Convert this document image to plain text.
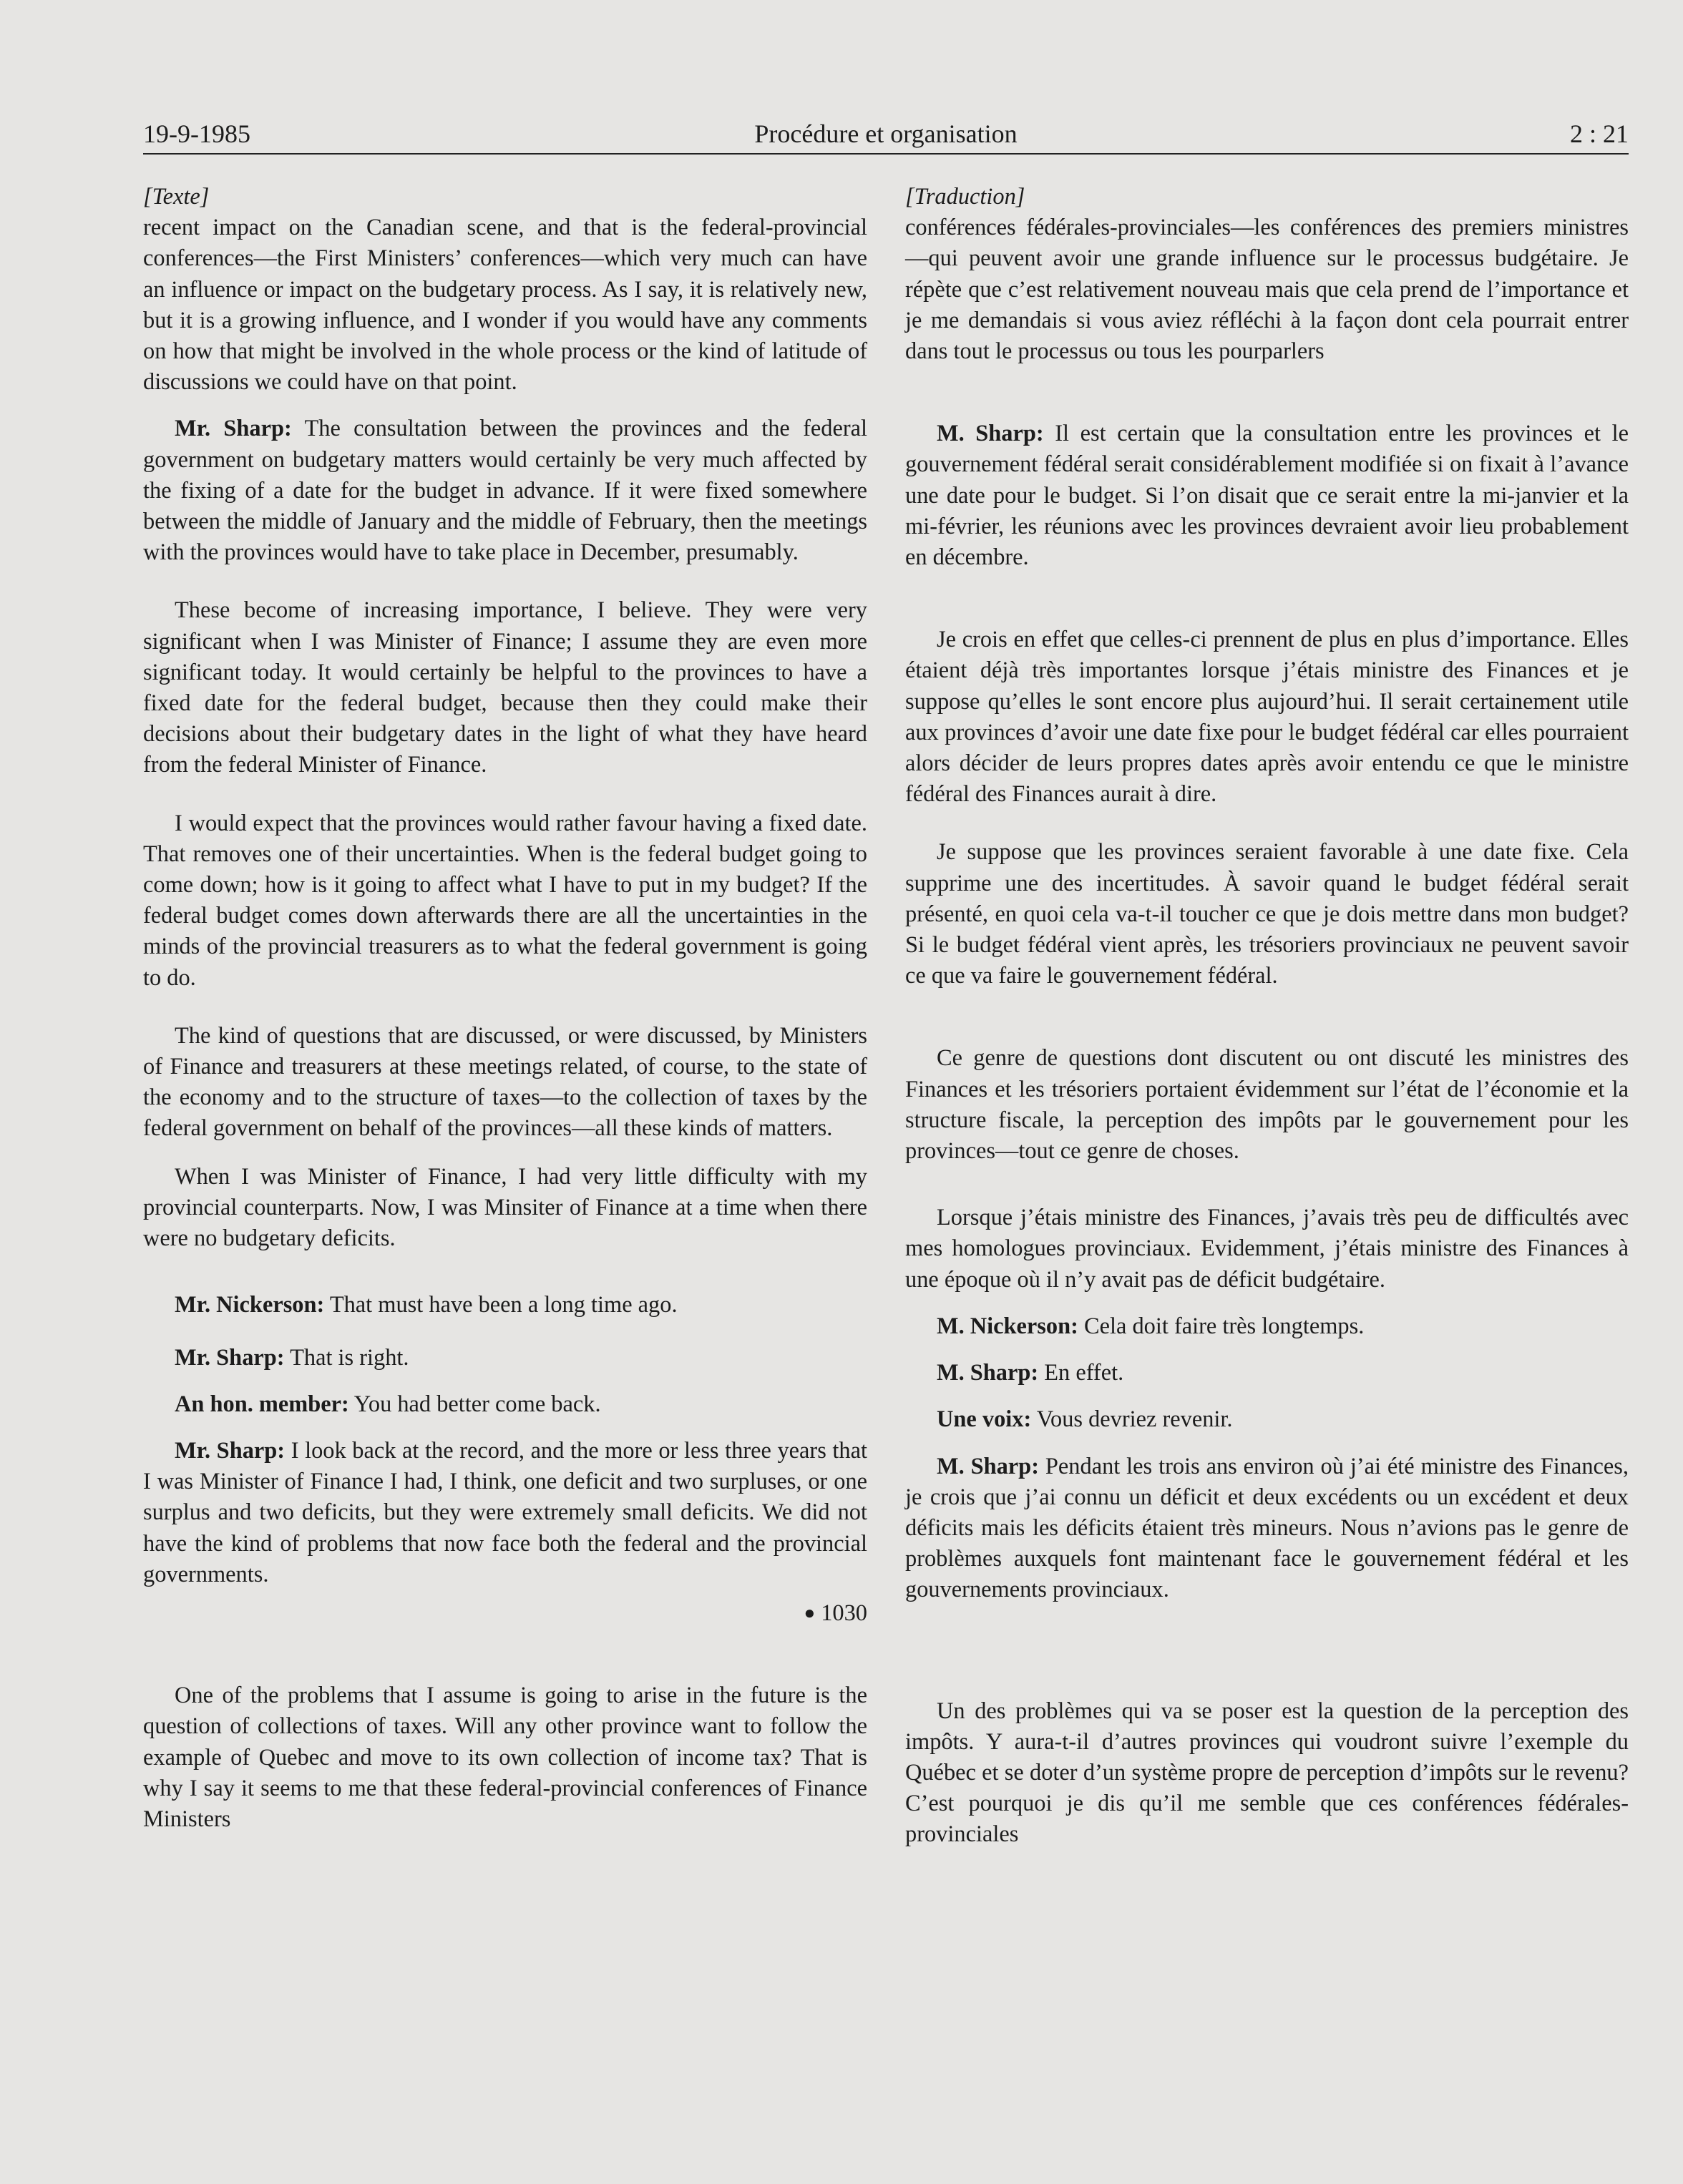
19-9-1985	Procédure et organisation	2 : 21

[Texte]

recent impact on the Canadian scene, and that is the federal-provincial conferences—the First Ministers’ conferences—which very much can have an influence or impact on the budgetary process. As I say, it is relatively new, but it is a growing influence, and I wonder if you would have any comments on how that might be involved in the whole process or the kind of latitude of discussions we could have on that point.

Mr. Sharp: The consultation between the provinces and the federal government on budgetary matters would certainly be very much affected by the fixing of a date for the budget in advance. If it were fixed somewhere between the middle of January and the middle of February, then the meetings with the provinces would have to take place in December, presumably.

These become of increasing importance, I believe. They were very significant when I was Minister of Finance; I assume they are even more significant today. It would certainly be helpful to the provinces to have a fixed date for the federal budget, because then they could make their decisions about their budgetary dates in the light of what they have heard from the federal Minister of Finance.

I would expect that the provinces would rather favour having a fixed date. That removes one of their uncertainties. When is the federal budget going to come down; how is it going to affect what I have to put in my budget? If the federal budget comes down afterwards there are all the uncertainties in the minds of the provincial treasurers as to what the federal government is going to do.

The kind of questions that are discussed, or were discussed, by Ministers of Finance and treasurers at these meetings related, of course, to the state of the economy and to the structure of taxes—to the collection of taxes by the federal government on behalf of the provinces—all these kinds of matters.

When I was Minister of Finance, I had very little difficulty with my provincial counterparts. Now, I was Minsiter of Finance at a time when there were no budgetary deficits.

Mr. Nickerson: That must have been a long time ago.

Mr. Sharp: That is right.

An hon. member: You had better come back.

Mr. Sharp: I look back at the record, and the more or less three years that I was Minister of Finance I had, I think, one deficit and two surpluses, or one surplus and two deficits, but they were extremely small deficits. We did not have the kind of problems that now face both the federal and the provincial governments.

● 1030

One of the problems that I assume is going to arise in the future is the question of collections of taxes. Will any other province want to follow the example of Quebec and move to its own collection of income tax? That is why I say it seems to me that these federal-provincial conferences of Finance Ministers

[Traduction]

conférences fédérales-provinciales—les conférences des premiers ministres—qui peuvent avoir une grande influence sur le processus budgétaire. Je répète que c’est relativement nouveau mais que cela prend de l’importance et je me demandais si vous aviez réfléchi à la façon dont cela pourrait entrer dans tout le processus ou tous les pourparlers

M. Sharp: Il est certain que la consultation entre les provinces et le gouvernement fédéral serait considérablement modifiée si on fixait à l’avance une date pour le budget. Si l’on disait que ce serait entre la mi-janvier et la mi-février, les réunions avec les provinces devraient avoir lieu probablement en décembre.

Je crois en effet que celles-ci prennent de plus en plus d’importance. Elles étaient déjà très importantes lorsque j’étais ministre des Finances et je suppose qu’elles le sont encore plus aujourd’hui. Il serait certainement utile aux provinces d’avoir une date fixe pour le budget fédéral car elles pourraient alors décider de leurs propres dates après avoir entendu ce que le ministre fédéral des Finances aurait à dire.

Je suppose que les provinces seraient favorable à une date fixe. Cela supprime une des incertitudes. À savoir quand le budget fédéral serait présenté, en quoi cela va-t-il toucher ce que je dois mettre dans mon budget? Si le budget fédéral vient après, les trésoriers provinciaux ne peuvent savoir ce que va faire le gouvernement fédéral.

Ce genre de questions dont discutent ou ont discuté les ministres des Finances et les trésoriers portaient évidemment sur l’état de l’économie et la structure fiscale, la perception des impôts par le gouvernement pour les provinces—tout ce genre de choses.

Lorsque j’étais ministre des Finances, j’avais très peu de difficultés avec mes homologues provinciaux. Evidemment, j’étais ministre des Finances à une époque où il n’y avait pas de déficit budgétaire.

M. Nickerson: Cela doit faire très longtemps.

M. Sharp: En effet.

Une voix: Vous devriez revenir.

M. Sharp: Pendant les trois ans environ où j’ai été ministre des Finances, je crois que j’ai connu un déficit et deux excédents ou un excédent et deux déficits mais les déficits étaient très mineurs. Nous n’avions pas le genre de problèmes auxquels font maintenant face le gouvernement fédéral et les gouvernements provinciaux.

Un des problèmes qui va se poser est la question de la perception des impôts. Y aura-t-il d’autres provinces qui voudront suivre l’exemple du Québec et se doter d’un système propre de perception d’impôts sur le revenu? C’est pourquoi je dis qu’il me semble que ces conférences fédérales-provinciales
